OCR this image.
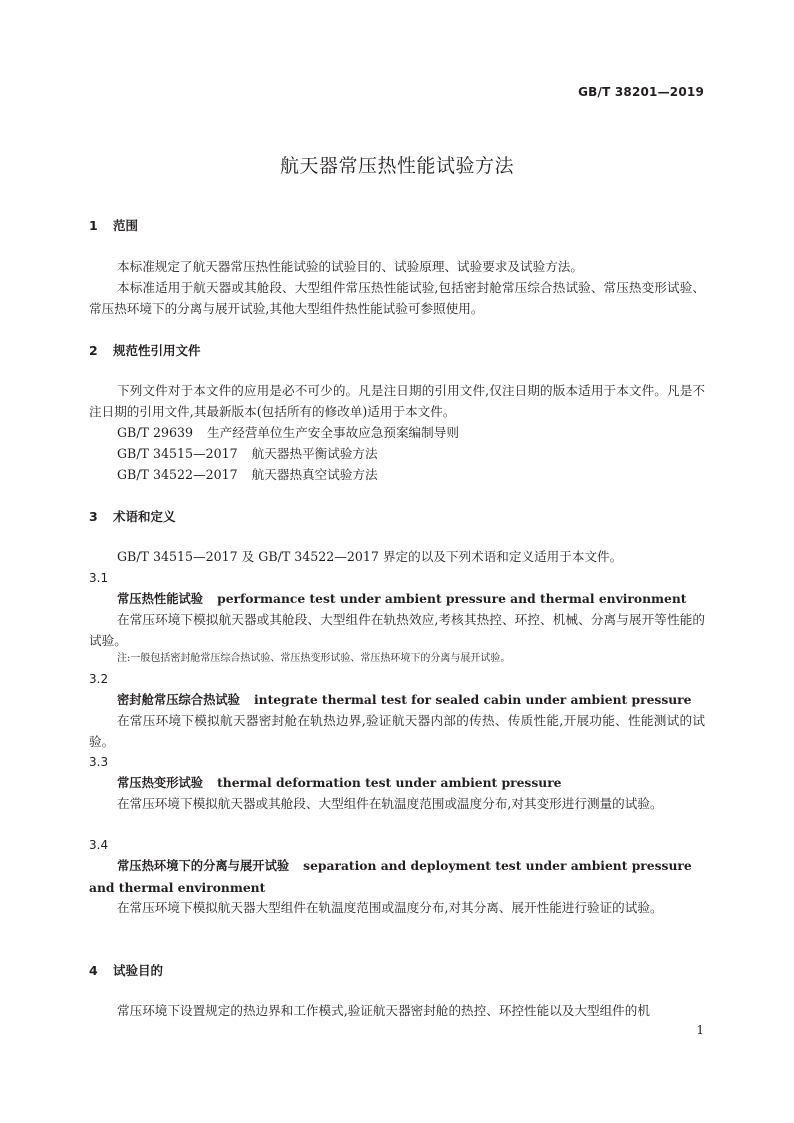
GB/T 38201—2019
航天器常压热性能试验方法
1 范围

本标准规定了航天器常压热性能试验的试验目的、试验原理、试验要求及试验方法。

本标准适用于航天器或其舱段、大型组件常压热性能试验,包括密封舱常压综合热试验、常压热变形试验、常压热环境下的分离与展开试验,其他大型组件热性能试验可参照使用。

2 规范性引用文件

下列文件对于本文件的应用是必不可少的。凡是注日期的引用文件,仅注日期的版本适用于本文件。凡是不注日期的引用文件,其最新版本(包括所有的修改单)适用于本文件。

GB/T 29639 生产经营单位生产安全事故应急预案编制导则

GB/T 34515—2017 航天器热平衡试验方法

GB/T 34522—2017 航天器热真空试验方法

3 术语和定义

GB/T 34515—2017 及 GB/T 34522—2017 界定的以及下列术语和定义适用于本文件。

3.1

常压热性能试验 performance test under ambient pressure and thermal environment

在常压环境下模拟航天器或其舱段、大型组件在轨热效应,考核其热控、环控、机械、分离与展开等性能的试验。

注:一般包括密封舱常压综合热试验、常压热变形试验、常压热环境下的分离与展开试验。

3.2

密封舱常压综合热试验 integrate thermal test for sealed cabin under ambient pressure

在常压环境下模拟航天器密封舱在轨热边界,验证航天器内部的传热、传质性能,开展功能、性能测试的试验。

3.3

常压热变形试验 thermal deformation test under ambient pressure

在常压环境下模拟航天器或其舱段、大型组件在轨温度范围或温度分布,对其变形进行测量的试验。

3.4

常压热环境下的分离与展开试验 separation and deployment test under ambient pressure and thermal environment

在常压环境下模拟航天器大型组件在轨温度范围或温度分布,对其分离、展开性能进行验证的试验。

4 试验目的

常压环境下设置规定的热边界和工作模式,验证航天器密封舱的热控、环控性能以及大型组件的机

1
